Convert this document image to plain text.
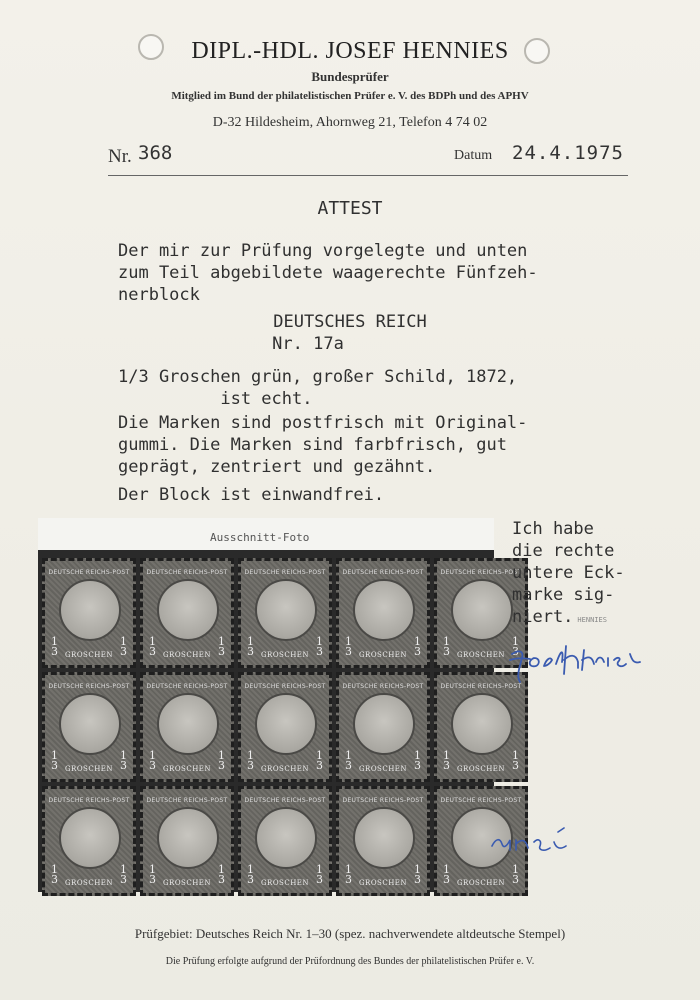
DIPL.-HDL. JOSEF HENNIES
Bundesprüfer
Mitglied im Bund der philatelistischen Prüfer e. V. des BDPh und des APHV
D-32 Hildesheim, Ahornweg 21, Telefon 4 74 02
Nr. 368	Datum 24.4.1975
ATTEST
Der mir zur Prüfung vorgelegte und unten
zum Teil abgebildete waagerechte Fünfzeh-
nerblock
DEUTSCHES REICH
Nr. 17a
1/3 Groschen grün, großer Schild, 1872,
ist echt.
Die Marken sind postfrisch mit Original-
gummi. Die Marken sind farbfrisch, gut
geprägt, zentriert und gezähnt.
Der Block ist einwandfrei.
Ausschnitt-Foto
DEUTSCHE REICHS-POST
1
3
1
3
GROSCHEN
DEUTSCHE REICHS-POST
1
3
1
3
GROSCHEN
DEUTSCHE REICHS-POST
1
3
1
3
GROSCHEN
DEUTSCHE REICHS-POST
1
3
1
3
GROSCHEN
DEUTSCHE REICHS-POST
1
3
1
3
GROSCHEN
DEUTSCHE REICHS-POST
1
3
1
3
GROSCHEN
DEUTSCHE REICHS-POST
1
3
1
3
GROSCHEN
DEUTSCHE REICHS-POST
1
3
1
3
GROSCHEN
DEUTSCHE REICHS-POST
1
3
1
3
GROSCHEN
DEUTSCHE REICHS-POST
1
3
1
3
GROSCHEN
DEUTSCHE REICHS-POST
1
3
1
3
GROSCHEN
DEUTSCHE REICHS-POST
1
3
1
3
GROSCHEN
DEUTSCHE REICHS-POST
1
3
1
3
GROSCHEN
DEUTSCHE REICHS-POST
1
3
1
3
GROSCHEN
DEUTSCHE REICHS-POST
1
3
1
3
GROSCHEN
Ich habe
die rechte
untere Eck-
marke sig-
niert. HENNIES
Prüfgebiet: Deutsches Reich Nr. 1–30 (spez. nachverwendete altdeutsche Stempel)
Die Prüfung erfolgte aufgrund der Prüfordnung des Bundes der philatelistischen Prüfer e. V.
